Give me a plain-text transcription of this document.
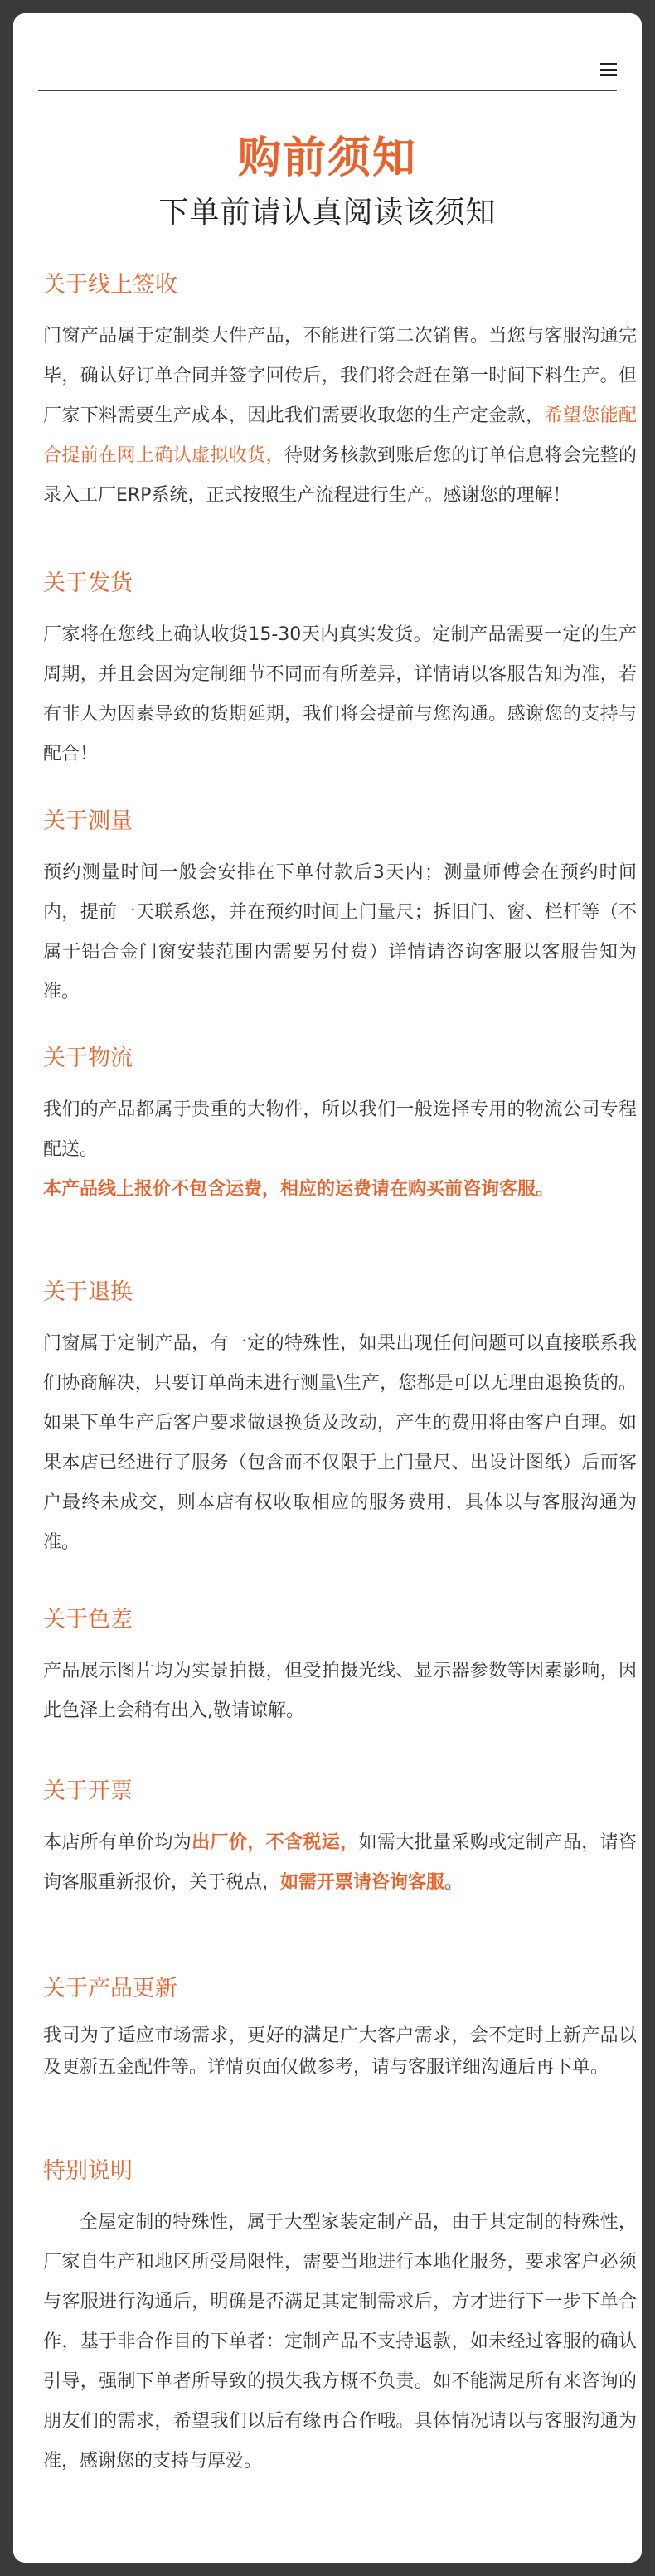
购前须知
下单前请认真阅读该须知

关于线上签收

门窗产品属于定制类大件产品，不能进行第二次销售。当您与客服沟通完毕，确认好订单合同并签字回传后，我们将会赶在第一时间下料生产。但厂家下料需要生产成本，因此我们需要收取您的生产定金款，希望您能配合提前在网上确认虚拟收货，待财务核款到账后您的订单信息将会完整的录入工厂ERP系统，正式按照生产流程进行生产。感谢您的理解！

关于发货

厂家将在您线上确认收货15-30天内真实发货。定制产品需要一定的生产周期，并且会因为定制细节不同而有所差异，详情请以客服告知为准，若有非人为因素导致的货期延期，我们将会提前与您沟通。感谢您的支持与配合！

关于测量

预约测量时间一般会安排在下单付款后3天内；测量师傅会在预约时间内，提前一天联系您，并在预约时间上门量尺；拆旧门、窗、栏杆等（不属于铝合金门窗安装范围内需要另付费）详情请咨询客服以客服告知为准。

关于物流

我们的产品都属于贵重的大物件，所以我们一般选择专用的物流公司专程配送。

本产品线上报价不包含运费，相应的运费请在购买前咨询客服。

关于退换

门窗属于定制产品，有一定的特殊性，如果出现任何问题可以直接联系我们协商解决，只要订单尚未进行测量\生产，您都是可以无理由退换货的。如果下单生产后客户要求做退换货及改动，产生的费用将由客户自理。如果本店已经进行了服务（包含而不仅限于上门量尺、出设计图纸）后而客户最终未成交，则本店有权收取相应的服务费用，具体以与客服沟通为准。

关于色差

产品展示图片均为实景拍摄，但受拍摄光线、显示器参数等因素影响，因此色泽上会稍有出入,敬请谅解。

关于开票

本店所有单价均为出厂价，不含税运，如需大批量采购或定制产品，请咨询客服重新报价，关于税点，如需开票请咨询客服。

关于产品更新

我司为了适应市场需求，更好的满足广大客户需求，会不定时上新产品以及更新五金配件等。详情页面仅做参考，请与客服详细沟通后再下单。

特别说明

全屋定制的特殊性，属于大型家装定制产品，由于其定制的特殊性，厂家自生产和地区所受局限性，需要当地进行本地化服务，要求客户必须与客服进行沟通后，明确是否满足其定制需求后，方才进行下一步下单合作，基于非合作目的下单者：定制产品不支持退款，如未经过客服的确认引导，强制下单者所导致的损失我方概不负责。如不能满足所有来咨询的朋友们的需求，希望我们以后有缘再合作哦。具体情况请以与客服沟通为准，感谢您的支持与厚爱。
